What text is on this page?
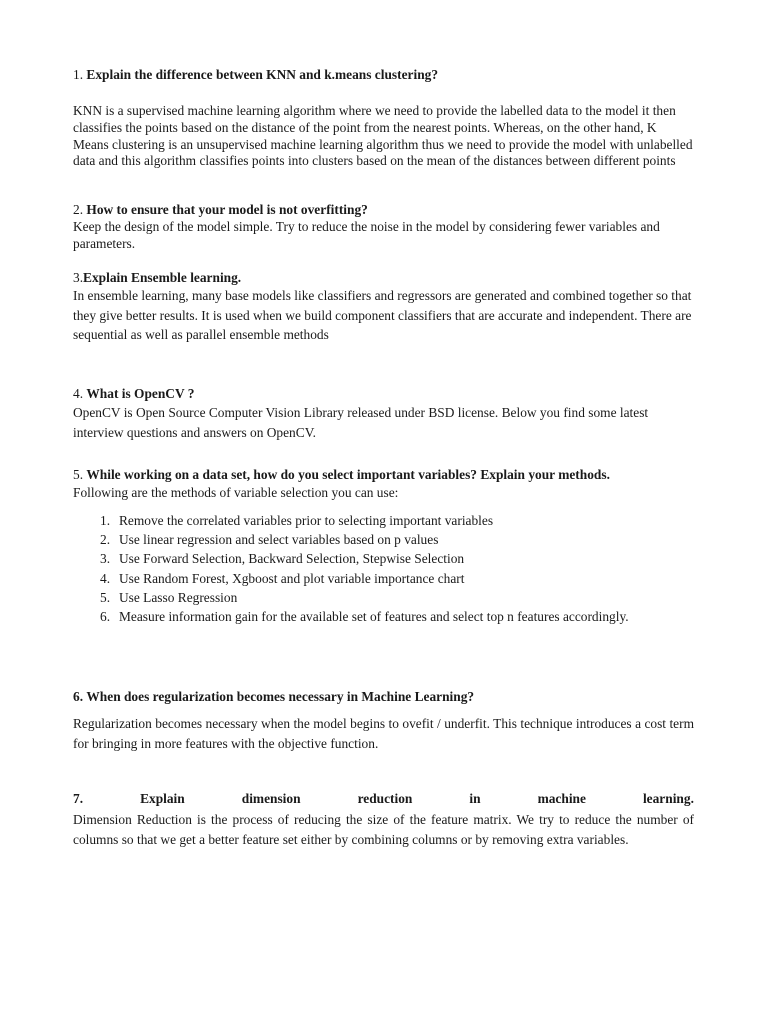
1. Explain the difference between KNN and k.means clustering?

KNN is a supervised machine learning algorithm where we need to provide the labelled data to the model it then classifies the points based on the distance of the point from the nearest points. Whereas, on the other hand, K Means clustering is an unsupervised machine learning algorithm thus we need to provide the model with unlabelled data and this algorithm classifies points into clusters based on the mean of the distances between different points

2. How to ensure that your model is not overfitting?

Keep the design of the model simple. Try to reduce the noise in the model by considering fewer variables and parameters.

3.Explain Ensemble learning.

In ensemble learning, many base models like classifiers and regressors are generated and combined together so that they give better results. It is used when we build component classifiers that are accurate and independent. There are sequential as well as parallel ensemble methods

4. What is OpenCV ?

OpenCV is Open Source Computer Vision Library released under BSD license. Below you find some latest interview questions and answers on OpenCV.

5. While working on a data set, how do you select important variables? Explain your methods.

Following are the methods of variable selection you can use:

1. Remove the correlated variables prior to selecting important variables
2. Use linear regression and select variables based on p values
3. Use Forward Selection, Backward Selection, Stepwise Selection
4. Use Random Forest, Xgboost and plot variable importance chart
5. Use Lasso Regression
6. Measure information gain for the available set of features and select top n features accordingly.
6. When does regularization becomes necessary in Machine Learning?

Regularization becomes necessary when the model begins to ovefit / underfit. This technique introduces a cost term for bringing in more features with the objective function.

7.	Explain	dimension	reduction	in	machine	learning.

Dimension Reduction is the process of reducing the size of the feature matrix. We try to reduce the number of columns so that we get a better feature set either by combining columns or by removing extra variables.
